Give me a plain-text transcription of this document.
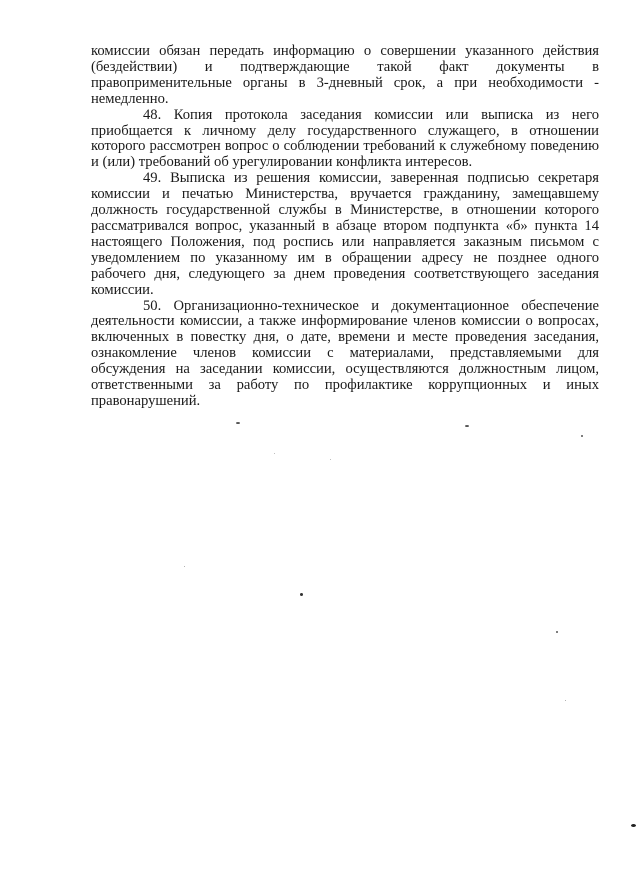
комиссии обязан передать информацию о совершении указанного действия (бездействии) и подтверждающие такой факт документы в правоприменительные органы в 3-дневный срок, а при необходимости - немедленно.

48. Копия протокола заседания комиссии или выписка из него приобщается к личному делу государственного служащего, в отношении которого рассмотрен вопрос о соблюдении требований к служебному поведению и (или) требований об урегулировании конфликта интересов.

49. Выписка из решения комиссии, заверенная подписью секретаря комиссии и печатью Министерства, вручается гражданину, замещавшему должность государственной службы в Министерстве, в отношении которого рассматривался вопрос, указанный в абзаце втором подпункта «б» пункта 14 настоящего Положения, под роспись или направляется заказным письмом с уведомлением по указанному им в обращении адресу не позднее одного рабочего дня, следующего за днем проведения соответствующего заседания комиссии.

50. Организационно-техническое и документационное обеспечение деятельности комиссии, а также информирование членов комиссии о вопросах, включенных в повестку дня, о дате, времени и месте проведения заседания, ознакомление членов комиссии с материалами, представляемыми для обсуждения на заседании комиссии, осуществляются должностным лицом, ответственными за работу по профилактике коррупционных и иных правонарушений.
